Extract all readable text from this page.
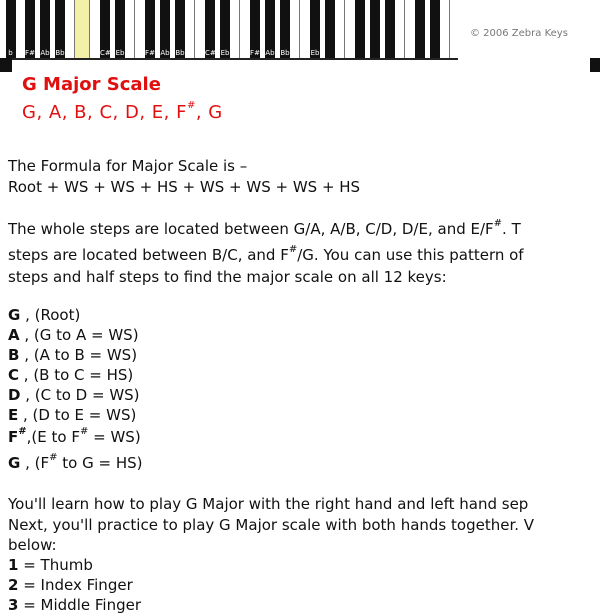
b	F# Ab Bb	C# Eb	F# Ab Bb	C# Eb	F# Ab Bb	Eb
© 2006 Zebra Keys
G Major Scale
G, A, B, C, D, E, F#, G
The Formula for Major Scale is –
Root + WS + WS + HS + WS + WS + WS + HS
The whole steps are located between G/A, A/B, C/D, D/E, and E/F#. T
steps are located between B/C, and F#/G. You can use this pattern of
steps and half steps to find the major scale on all 12 keys:
G , (Root)
A , (G to A = WS)
B , (A to B = WS)
C , (B to C = HS)
D , (C to D = WS)
E , (D to E = WS)
F#,(E to F# = WS)
G , (F# to G = HS)
You'll learn how to play G Major with the right hand and left hand sep
Next, you'll practice to play G Major scale with both hands together. V
below:
1 = Thumb
2 = Index Finger
3 = Middle Finger
